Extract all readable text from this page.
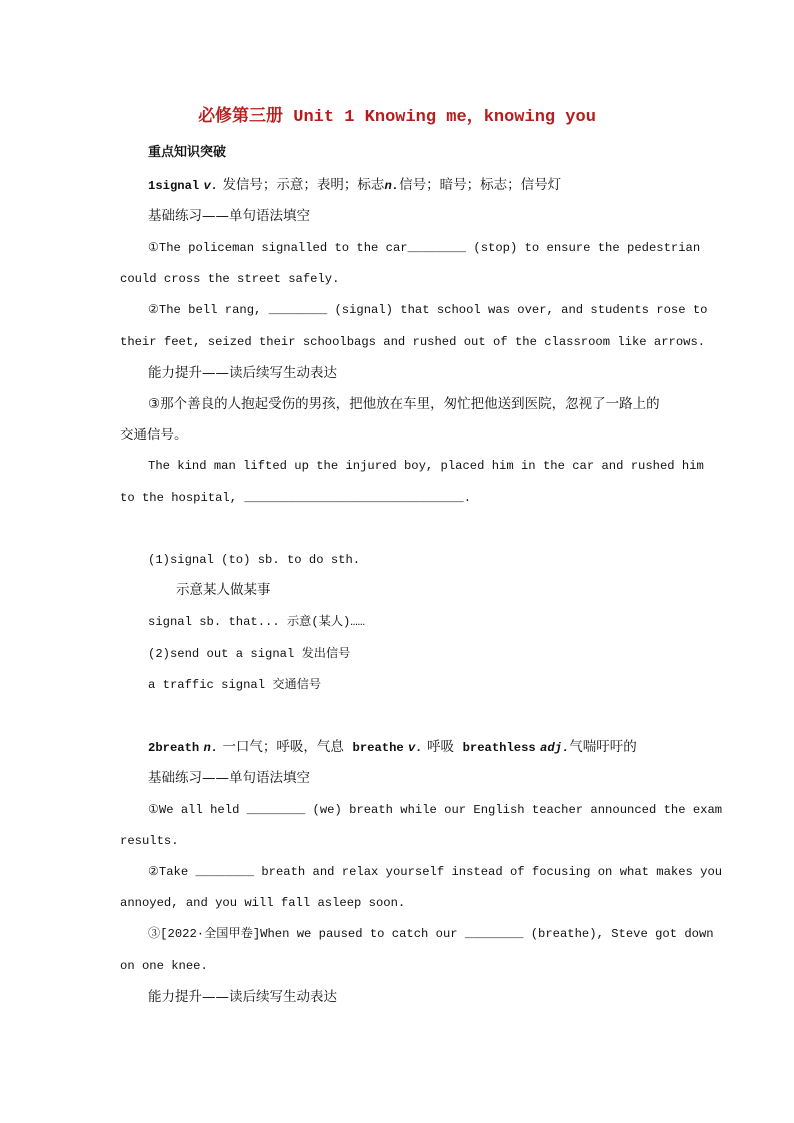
必修第三册 Unit 1 Knowing me，knowing you
重点知识突破
1signal v. 发信号；示意；表明；标志n.信号；暗号；标志；信号灯
基础练习——单句语法填空
①The policeman signalled to the car________ (stop) to ensure the pedestrian
could cross the street safely.
②The bell rang, ________ (signal) that school was over, and students rose to
their feet, seized their schoolbags and rushed out of the classroom like arrows.
能力提升——读后续写生动表达
③那个善良的人抱起受伤的男孩，把他放在车里，匆忙把他送到医院，忽视了一路上的
交通信号。
The kind man lifted up the injured boy, placed him in the car and rushed him
to the hospital, ______________________________.
(1)signal (to) sb. to do sth.
示意某人做某事
signal sb. that... 示意(某人)……
(2)send out a signal 发出信号
a traffic signal 交通信号
2breath n. 一口气；呼吸，气息 breathe v. 呼吸 breathless adj.气喘吁吁的
基础练习——单句语法填空
①We all held ________ (we) breath while our English teacher announced the exam
results.
②Take ________ breath and relax yourself instead of focusing on what makes you
annoyed, and you will fall asleep soon.
③[2022·全国甲卷]When we paused to catch our ________ (breathe), Steve got down
on one knee.
能力提升——读后续写生动表达
